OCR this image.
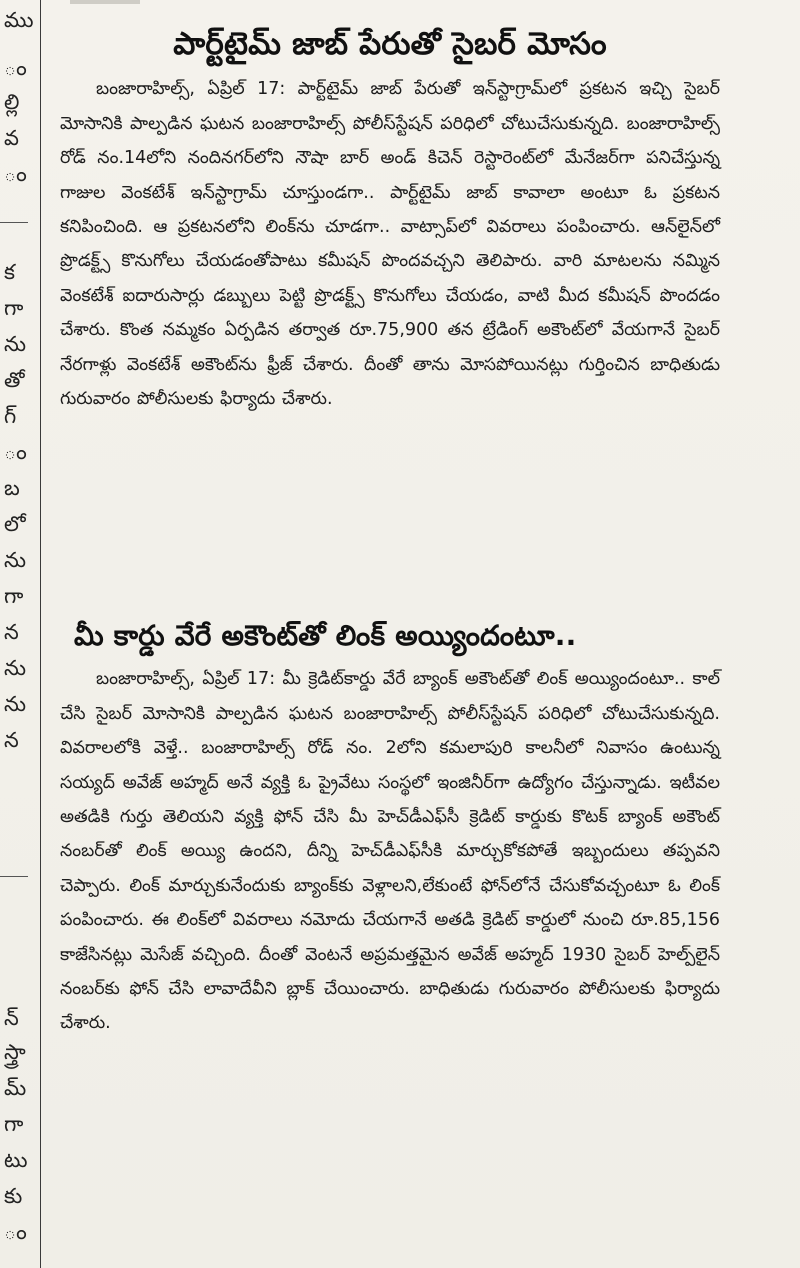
ము
ం
ల్లి
వ
ం
క
గా
ను
తో
గ్
ం
బ
లో
ను
గా
న
ను
ను
న
న్
స్త్రా
మ్
గా
టు
కు
ం
పార్ట్‌టైమ్ జాబ్ పేరుతో సైబర్ మోసం

బంజారాహిల్స్, ఏప్రిల్ 17: పార్ట్‌టైమ్ జాబ్ పేరుతో ఇన్‌స్టాగ్రామ్‌లో ప్రకటన ఇచ్చి సైబర్ మోసానికి పాల్పడిన ఘటన బంజారాహిల్స్ పోలీస్‌స్టేషన్ పరిధిలో చోటుచేసుకున్నది. బంజారాహిల్స్ రోడ్ నం.14లోని నందినగర్‌లోని నౌషా బార్ అండ్ కిచెన్ రెస్టారెంట్‌లో మేనేజర్‌గా పనిచేస్తున్న గాజుల వెంకటేశ్ ఇన్‌స్టాగ్రామ్ చూస్తుండగా.. పార్ట్‌టైమ్ జాబ్ కావాలా అంటూ ఓ ప్రకటన కనిపించింది. ఆ ప్రకటనలోని లింక్‌ను చూడగా.. వాట్సాప్‌లో వివరాలు పంపించారు. ఆన్‌లైన్‌లో ప్రొడక్ట్స్ కొనుగోలు చేయడంతోపాటు కమీషన్ పొందవచ్చని తెలిపారు. వారి మాటలను నమ్మిన వెంకటేశ్ ఐదారుసార్లు డబ్బులు పెట్టి ప్రొడక్ట్స్ కొనుగోలు చేయడం, వాటి మీద కమీషన్ పొందడం చేశారు. కొంత నమ్మకం ఏర్పడిన తర్వాత రూ.75,900 తన ట్రేడింగ్ అకౌంట్‌లో వేయగానే సైబర్ నేరగాళ్లు వెంకటేశ్ అకౌంట్‌ను ఫ్రీజ్ చేశారు. దీంతో తాను మోసపోయినట్లు గుర్తించిన బాధితుడు గురువారం పోలీసులకు ఫిర్యాదు చేశారు.

మీ కార్డు వేరే అకౌంట్‌తో లింక్ అయ్యిందంటూ..

బంజారాహిల్స్, ఏప్రిల్ 17: మీ క్రెడిట్‌కార్డు వేరే బ్యాంక్ అకౌంట్‌తో లింక్ అయ్యిందంటూ.. కాల్ చేసి సైబర్ మోసానికి పాల్పడిన ఘటన బంజారాహిల్స్ పోలీస్‌స్టేషన్ పరిధిలో చోటుచేసుకున్నది. వివరాలలోకి వెళ్తే.. బంజారాహిల్స్ రోడ్ నం. 2లోని కమలాపురి కాలనీలో నివాసం ఉంటున్న సయ్యద్ అవేజ్ అహ్మద్ అనే వ్యక్తి ఓ ప్రైవేటు సంస్థలో ఇంజినీర్‌గా ఉద్యోగం చేస్తున్నాడు. ఇటీవల అతడికి గుర్తు తెలియని వ్యక్తి ఫోన్ చేసి మీ హెచ్‌డీఎఫ్‌సీ క్రెడిట్ కార్డుకు కొటక్ బ్యాంక్ అకౌంట్ నంబర్‌తో లింక్ అయ్యి ఉందని, దీన్ని హెచ్‌డీఎఫ్‌సీకి మార్చుకోకపోతే ఇబ్బందులు తప్పవని చెప్పారు. లింక్ మార్చుకునేందుకు బ్యాంక్‌కు వెళ్లాలని,లేకుంటే ఫోన్‌లోనే చేసుకోవచ్చంటూ ఓ లింక్ పంపించారు. ఈ లింక్‌లో వివరాలు నమోదు చేయగానే అతడి క్రెడిట్ కార్డులో నుంచి రూ.85,156 కాజేసినట్లు మెసేజ్ వచ్చింది. దీంతో వెంటనే అప్రమత్తమైన అవేజ్ అహ్మద్ 1930 సైబర్ హెల్ప్‌లైన్ నంబర్‌కు ఫోన్ చేసి లావాదేవీని బ్లాక్ చేయించారు. బాధితుడు గురువారం పోలీసులకు ఫిర్యాదు చేశారు.
